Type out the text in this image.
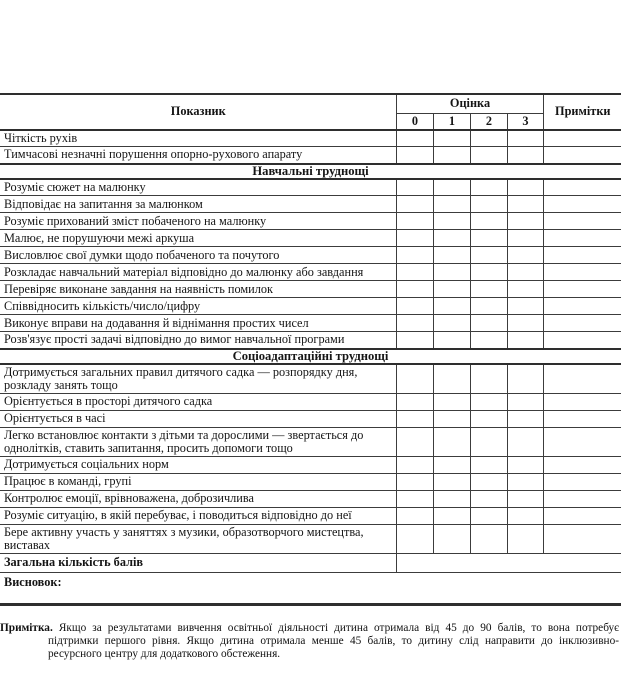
Показник	Оцінка				Примітки
	0	1	2	3	
Чіткість рухів					
Тимчасові незначні порушення опорно-рухового апарату					
Навчальні труднощі					
Розуміє сюжет на малюнку					
Відповідає на запитання за малюнком					
Розуміє прихований зміст побаченого на малюнку					
Малює, не порушуючи межі аркуша					
Висловлює свої думки щодо побаченого та почутого					
Розкладає навчальний матеріал відповідно до малюнку або завдання					
Перевіряє виконане завдання на наявність помилок					
Співвідносить кількість/число/цифру					
Виконує вправи на додавання й віднімання простих чисел					
Розв'язує прості задачі відповідно до вимог навчальної програми					
Соціоадаптаційні труднощі					
Дотримується загальних правил дитячого садка — розпорядку дня, розкладу занять тощо					
Орієнтується в просторі дитячого садка					
Орієнтується в часі					
Легко встановлює контакти з дітьми та дорослими — звертається до однолітків, ставить запитання, просить допомоги тощо					
Дотримується соціальних норм					
Працює в команді, групі					
Контролює емоції, врівноважена, доброзичлива					
Розуміє ситуацію, в якій перебуває, і поводиться відповідно до неї					
Бере активну участь у заняттях з музики, образотворчого мистецтва, виставах					
Загальна кількість балів					
Висновок:					
Примітка. Якщо за результатами вивчення освітньої діяльності дитина отримала від 45 до 90 балів, то вона потребує підтримки першого рівня. Якщо дитина отримала менше 45 балів, то дитину слід направити до інклюзивно-ресурсного центру для додаткового обстеження.
